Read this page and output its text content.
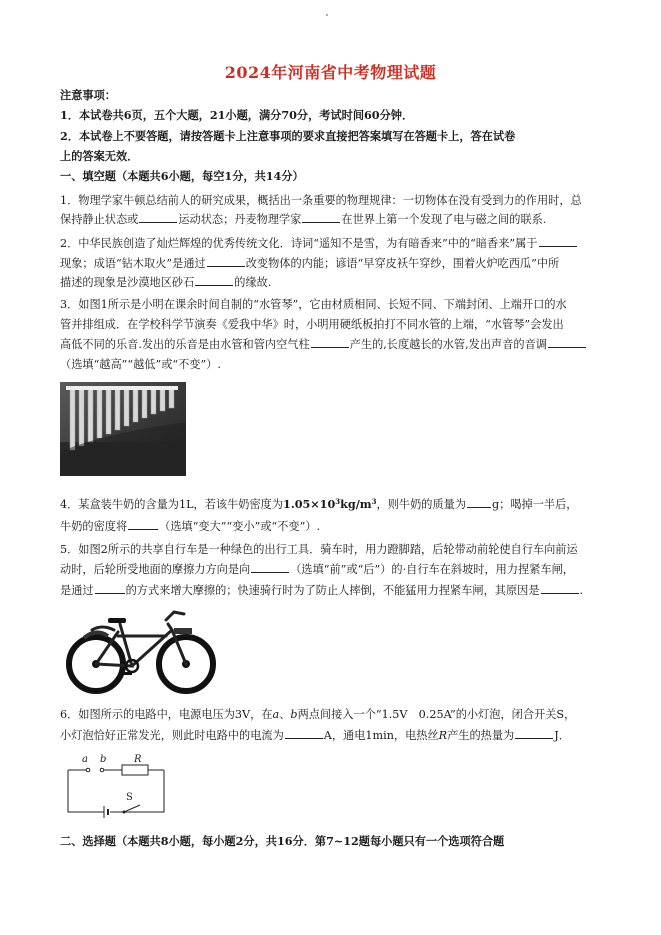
2024年河南省中考物理试题
注意事项：
1．本试卷共6页，五个大题，21小题，满分70分，考试时间60分钟．
2．本试卷上不要答题，请按答题卡上注意事项的要求直接把答案填写在答题卡上，答在试卷
上的答案无效．
一、填空题（本题共6小题，每空1分，共14分）
1．物理学家牛顿总结前人的研究成果，概括出一条重要的物理规律：一切物体在没有受到力的作用时，总
保持静止状态或	运动状态；丹麦物理学家	在世界上第一个发现了电与磁之间的联系.
2．中华民族创造了灿烂辉煌的优秀传统文化．诗词“遥知不是雪，为有暗香来”中的“暗香来”属于
现象；成语“钻木取火”是通过	改变物体的内能；谚语“早穿皮袄午穿纱，围着火炉吃西瓜”中所
描述的现象是沙漠地区砂石	的缘故.
3．如图1所示是小明在课余时间自制的“水管琴”，它由材质相同、长短不同、下端封闭、上端开口的水
管并排组成．在学校科学节演奏《爱我中华》时，小明用硬纸板拍打不同水管的上端，“水管琴”会发出
高低不同的乐音.发出的乐音是由水管和管内空气柱	产生的,长度越长的水管,发出声音的音调
（选填“越高”“越低”或“不变”）.
4．某盒装牛奶的含量为1L，若该牛奶密度为$1.05\times 10^3kg/m^3$，则牛奶的质量为 g；喝掉一半后，
牛奶的密度将	（选填“变大”“变小”或“不变”）.
5．如图2所示的共享自行车是一种绿色的出行工具．骑车时，用力蹬脚踏，后轮带动前轮使自行车向前运
动时，后轮所受地面的摩擦力方向是向	（选填“前”或“后”）的·自行车在斜坡时，用力捏紧车闸，
是通过	的方式来增大摩擦的；快速骑行时为了防止人摔倒，不能猛用力捏紧车闸，其原因是	.
6．如图所示的电路中，电源电压为3V，在a、b两点间接入一个“1.5V　0.25A”的小灯泡，闭合开关S，
小灯泡恰好正常发光，则此时电路中的电流为	A，通电1min，电热丝R产生的热量为	J．
a b	R
S
二、选择题（本题共8小题，每小题2分，共16分．第7~12题每小题只有一个选项符合题
